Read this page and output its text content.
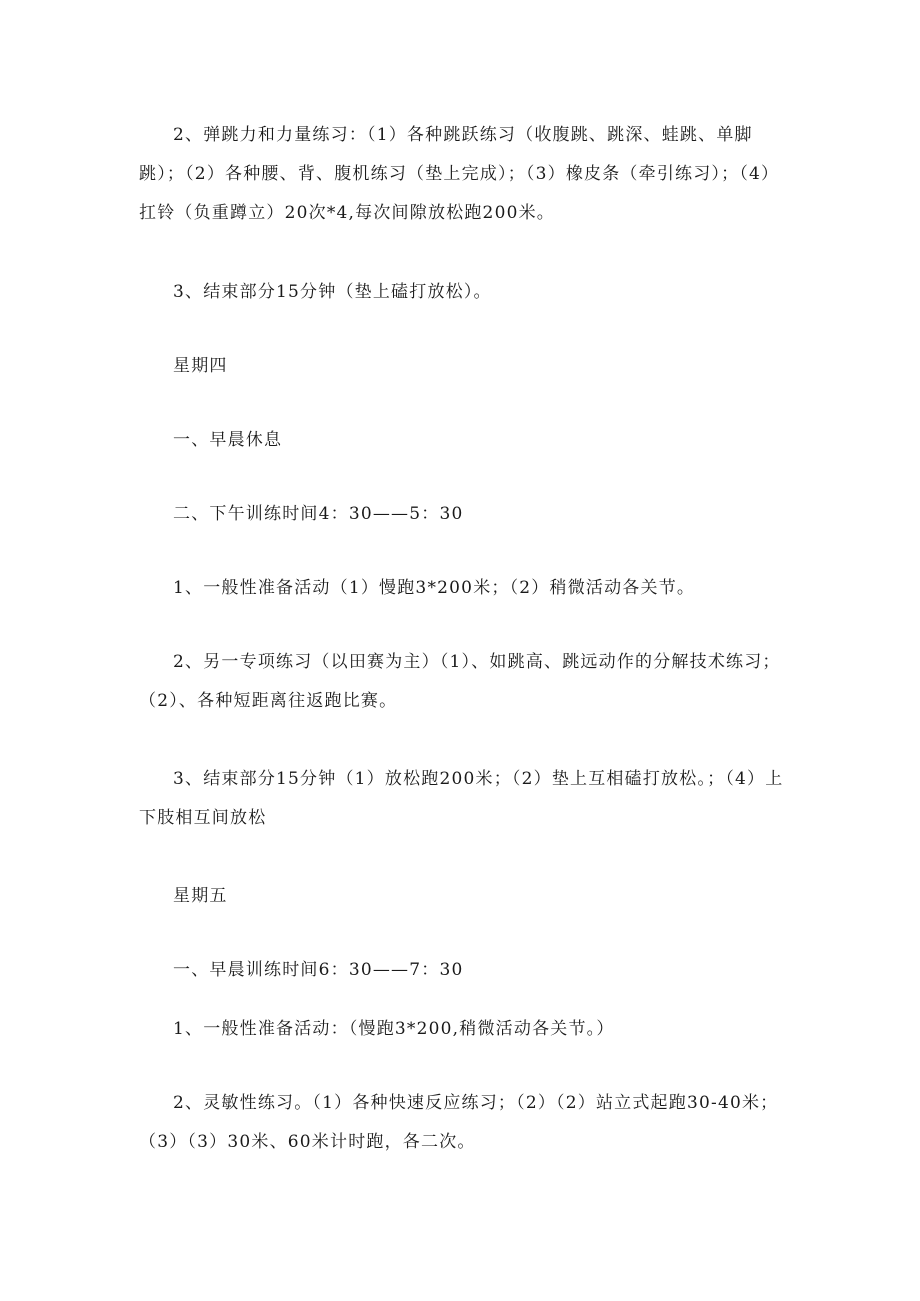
2、弹跳力和力量练习：（1）各种跳跃练习（收腹跳、跳深、蛙跳、单脚跳）；（2）各种腰、背、腹机练习（垫上完成）；（3）橡皮条（牵引练习）；（4）扛铃（负重蹲立）20次*4,每次间隙放松跑200米。

3、结束部分15分钟（垫上磕打放松）。

星期四

一、早晨休息

二、下午训练时间4：30——5：30

1、一般性准备活动（1）慢跑3*200米；（2）稍微活动各关节。

2、另一专项练习（以田赛为主）（1）、如跳高、跳远动作的分解技术练习；（2）、各种短距离往返跑比赛。

3、结束部分15分钟（1）放松跑200米；（2）垫上互相磕打放松。；（4）上下肢相互间放松

星期五

一、早晨训练时间6：30——7：30

1、一般性准备活动：（慢跑3*200,稍微活动各关节。）

2、灵敏性练习。（1）各种快速反应练习；（2）（2）站立式起跑30-40米；（3）（3）30米、60米计时跑，各二次。
